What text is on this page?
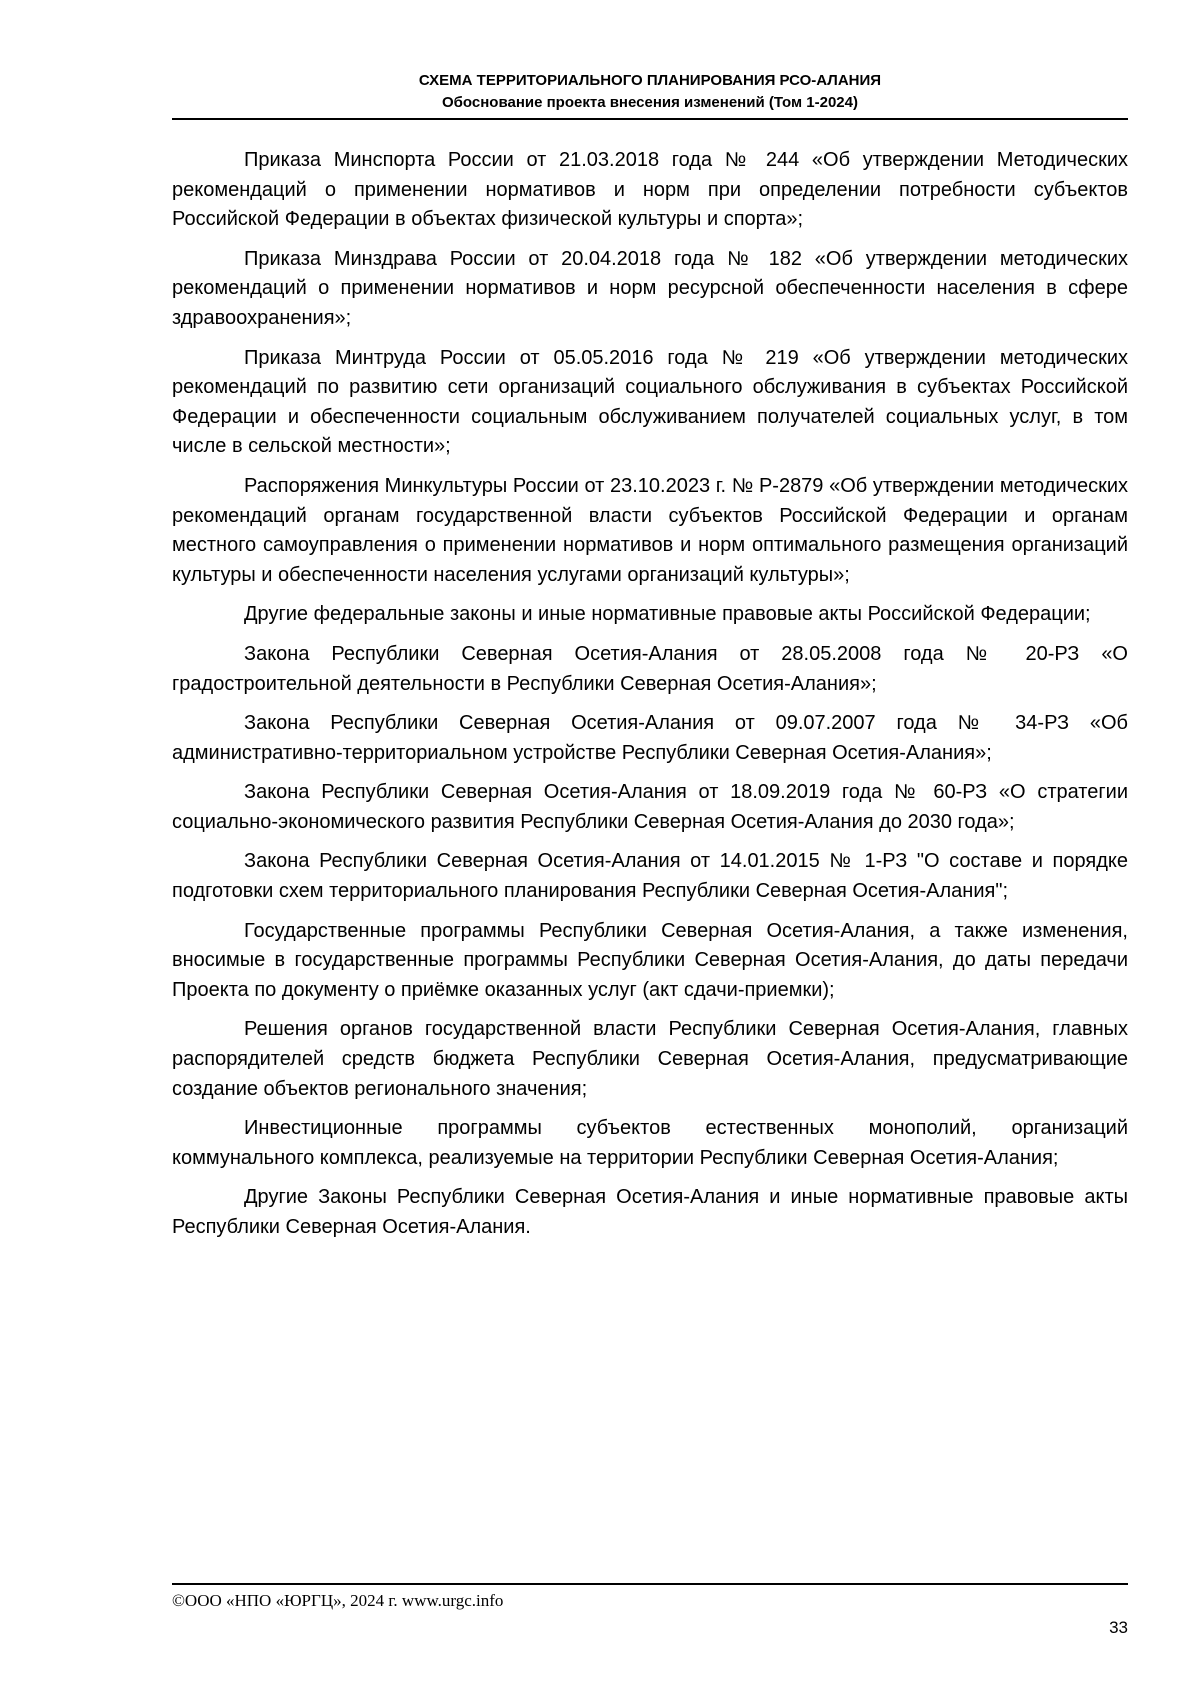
СХЕМА ТЕРРИТОРИАЛЬНОГО ПЛАНИРОВАНИЯ РСО-АЛАНИЯ
Обоснование проекта внесения изменений (Том 1-2024)

Приказа Минспорта России от 21.03.2018 года № 244 «Об утверждении Методических рекомендаций о применении нормативов и норм при определении потребности субъектов Российской Федерации в объектах физической культуры и спорта»;

Приказа Минздрава России от 20.04.2018 года № 182 «Об утверждении методических рекомендаций о применении нормативов и норм ресурсной обеспеченности населения в сфере здравоохранения»;

Приказа Минтруда России от 05.05.2016 года № 219 «Об утверждении методических рекомендаций по развитию сети организаций социального обслуживания в субъектах Российской Федерации и обеспеченности социальным обслуживанием получателей социальных услуг, в том числе в сельской местности»;

Распоряжения Минкультуры России от 23.10.2023 г. № Р-2879 «Об утверждении методических рекомендаций органам государственной власти субъектов Российской Федерации и органам местного самоуправления о применении нормативов и норм оптимального размещения организаций культуры и обеспеченности населения услугами организаций культуры»;

Другие федеральные законы и иные нормативные правовые акты Российской Федерации;

Закона Республики Северная Осетия-Алания от 28.05.2008 года № 20-РЗ «О градостроительной деятельности в Республики Северная Осетия-Алания»;

Закона Республики Северная Осетия-Алания от 09.07.2007 года № 34-РЗ «Об административно-территориальном устройстве Республики Северная Осетия-Алания»;

Закона Республики Северная Осетия-Алания от 18.09.2019 года № 60-РЗ «О стратегии социально-экономического развития Республики Северная Осетия-Алания до 2030 года»;

Закона Республики Северная Осетия-Алания от 14.01.2015 № 1-РЗ "О составе и порядке подготовки схем территориального планирования Республики Северная Осетия-Алания";

Государственные программы Республики Северная Осетия-Алания, а также изменения, вносимые в государственные программы Республики Северная Осетия-Алания, до даты передачи Проекта по документу о приёмке оказанных услуг (акт сдачи-приемки);

Решения органов государственной власти Республики Северная Осетия-Алания, главных распорядителей средств бюджета Республики Северная Осетия-Алания, предусматривающие создание объектов регионального значения;

Инвестиционные программы субъектов естественных монополий, организаций коммунального комплекса, реализуемые на территории Республики Северная Осетия-Алания;

Другие Законы Республики Северная Осетия-Алания и иные нормативные правовые акты Республики Северная Осетия-Алания.

©ООО «НПО «ЮРГЦ», 2024 г. www.urgc.info
33
